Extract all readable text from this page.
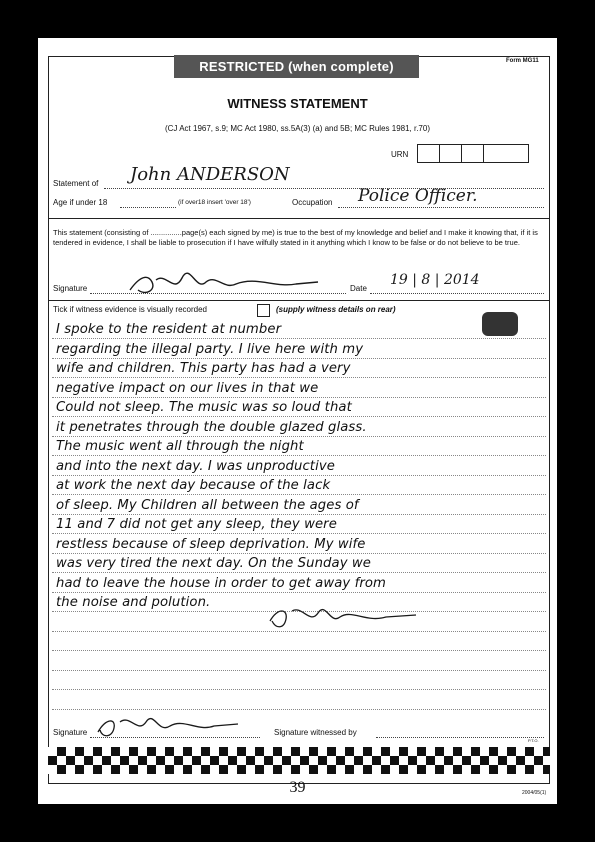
RESTRICTED (when complete)	Form MG11
WITNESS STATEMENT
(CJ Act 1967, s.9; MC Act 1980, ss.5A(3) (a) and 5B; MC Rules 1981, r.70)
URN
Statement of John ANDERSON
Age if under 18	(if over18 insert 'over 18')	Occupation Police Officer.
This statement (consisting of ...............page(s) each signed by me) is true to the best of my knowledge and belief and I make it knowing that, if it is tendered in evidence, I shall be liable to prosecution if I have wilfully stated in it anything which I know to be false or do not believe to be true.
Signature	Date
19 | 8 | 2014
Tick if witness evidence is visually recorded	(supply witness details on rear)
I spoke to the resident at number
regarding the illegal party. I live here with my
wife and children. This party has had a very
negative impact on our lives in that we
Could not sleep. The music was so loud that
it penetrates through the double glazed glass.
The music went all through the night
and into the next day. I was unproductive
at work the next day because of the lack
of sleep. My Children all between the ages of
11 and 7 did not get any sleep, they were
restless because of sleep deprivation. My wife
was very tired the next day. On the Sunday we
had to leave the house in order to get away from
the noise and polution.
Signature	Signature witnessed by
P.T.O.
39	2004/05(1)
